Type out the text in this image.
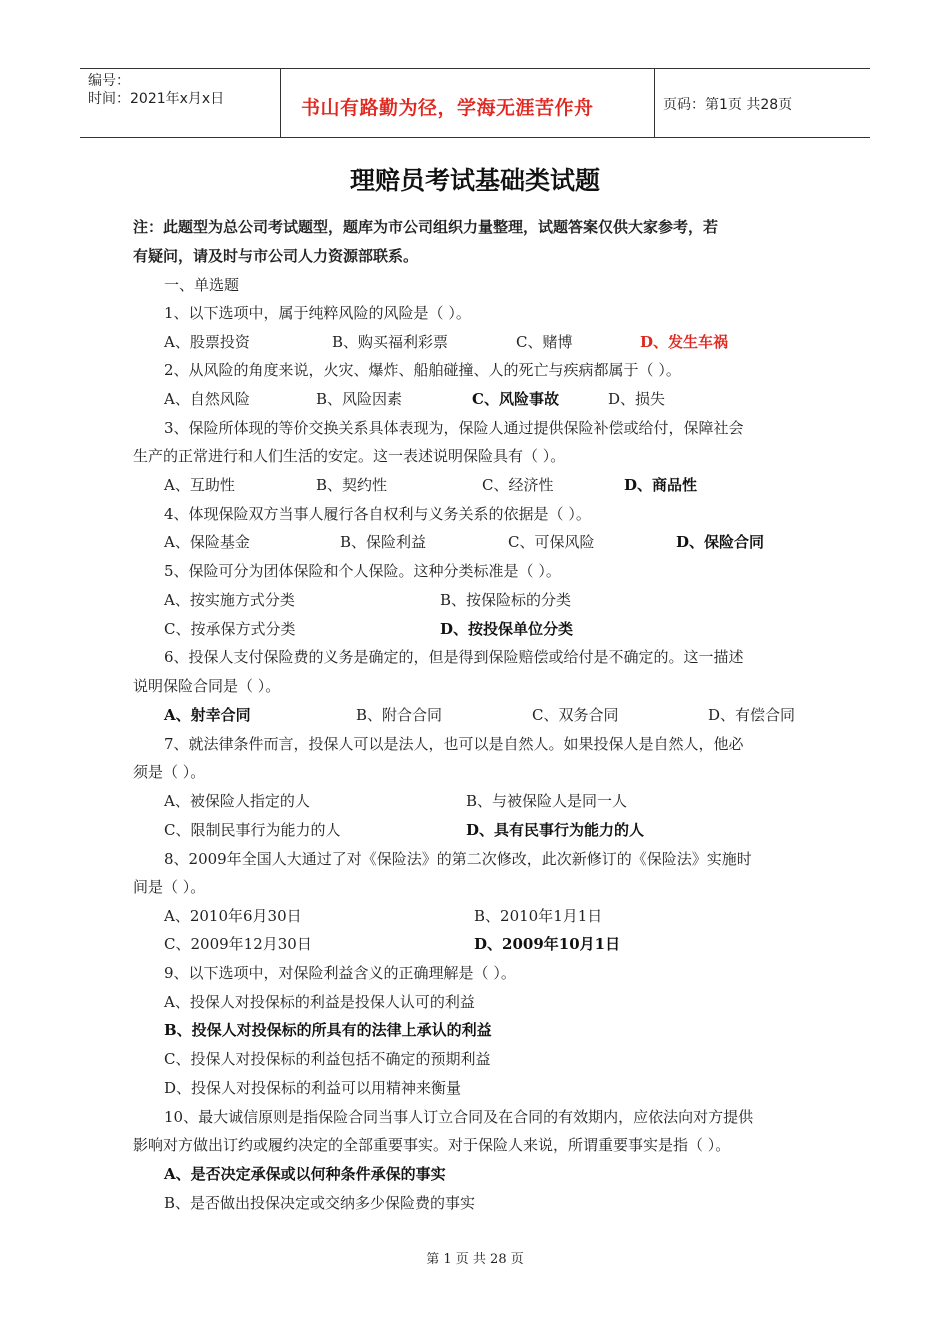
编号：
时间：2021年x月x日	书山有路勤为径，学海无涯苦作舟	页码：第1页 共28页
理赔员考试基础类试题
注：此题型为总公司考试题型，题库为市公司组织力量整理，试题答案仅供大家参考，若
有疑问，请及时与市公司人力资源部联系。
一、单选题
1、以下选项中，属于纯粹风险的风险是（ ）。
A、股票投资	B、购买福利彩票	C、赌博	D、发生车祸
2、从风险的角度来说，火灾、爆炸、船舶碰撞、人的死亡与疾病都属于（ ）。
A、自然风险	B、风险因素	C、风险事故	D、损失
3、保险所体现的等价交换关系具体表现为，保险人通过提供保险补偿或给付，保障社会
生产的正常进行和人们生活的安定。这一表述说明保险具有（ ）。
A、互助性	B、契约性	C、经济性	D、商品性
4、体现保险双方当事人履行各自权利与义务关系的依据是（ ）。
A、保险基金	B、保险利益	C、可保风险	D、保险合同
5、保险可分为团体保险和个人保险。这种分类标准是（ ）。
A、按实施方式分类	B、按保险标的分类
C、按承保方式分类	D、按投保单位分类
6、投保人支付保险费的义务是确定的，但是得到保险赔偿或给付是不确定的。这一描述
说明保险合同是（ ）。
A、射幸合同	B、附合合同	C、双务合同	D、有偿合同
7、就法律条件而言，投保人可以是法人，也可以是自然人。如果投保人是自然人，他必
须是（ ）。
A、被保险人指定的人	B、与被保险人是同一人
C、限制民事行为能力的人	D、具有民事行为能力的人
8、2009年全国人大通过了对《保险法》的第二次修改，此次新修订的《保险法》实施时
间是（ ）。
A、2010年6月30日	B、2010年1月1日
C、2009年12月30日	D、2009年10月1日
9、以下选项中，对保险利益含义的正确理解是（ ）。
A、投保人对投保标的利益是投保人认可的利益
B、投保人对投保标的所具有的法律上承认的利益
C、投保人对投保标的利益包括不确定的预期利益
D、投保人对投保标的利益可以用精神来衡量
10、最大诚信原则是指保险合同当事人订立合同及在合同的有效期内，应依法向对方提供
影响对方做出订约或履约决定的全部重要事实。对于保险人来说，所谓重要事实是指（ ）。
A、是否决定承保或以何种条件承保的事实
B、是否做出投保决定或交纳多少保险费的事实
第 1 页 共 28 页
